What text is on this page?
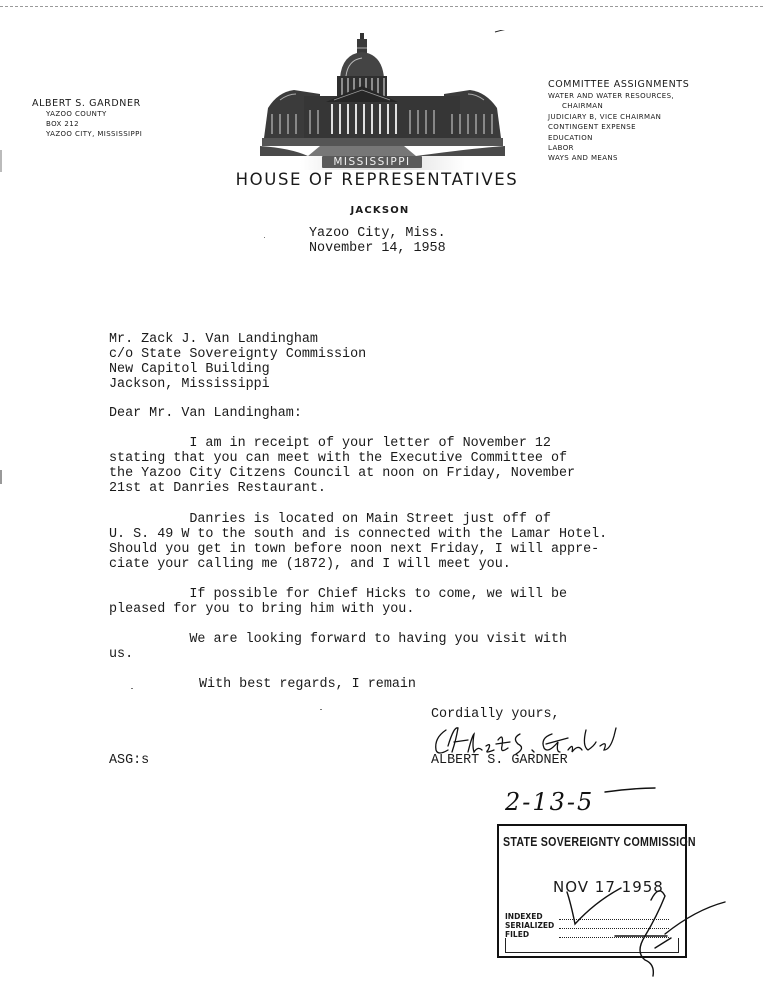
ALBERT S. GARDNER
YAZOO COUNTY
BOX 212
YAZOO CITY, MISSISSIPPI
COMMITTEE ASSIGNMENTS
WATER AND WATER RESOURCES,
CHAIRMAN
JUDICIARY B, VICE CHAIRMAN
CONTINGENT EXPENSE
EDUCATION
LABOR
WAYS AND MEANS
MISSISSIPPI
HOUSE OF REPRESENTATIVES
JACKSON
Yazoo City, Miss.
November 14, 1958
Mr. Zack J. Van Landingham
c/o State Sovereignty Commission
New Capitol Building
Jackson, Mississippi
Dear Mr. Van Landingham:
I am in receipt of your letter of November 12
stating that you can meet with the Executive Committee of
the Yazoo City Citzens Council at noon on Friday, November
21st at Danries Restaurant.
Danries is located on Main Street just off of
U. S. 49 W to the south and is connected with the Lamar Hotel.
Should you get in town before noon next Friday, I will appre-
ciate your calling me (1872), and I will meet you.
If possible for Chief Hicks to come, we will be
pleased for you to bring him with you.
We are looking forward to having you visit with
us.
With best regards, I remain
Cordially yours,
ALBERT S. GARDNER
ASG:s
2-13-5
STATE SOVEREIGNTY COMMISSION
NOV 17 1958
INDEXED
SERIALIZED
FILED
